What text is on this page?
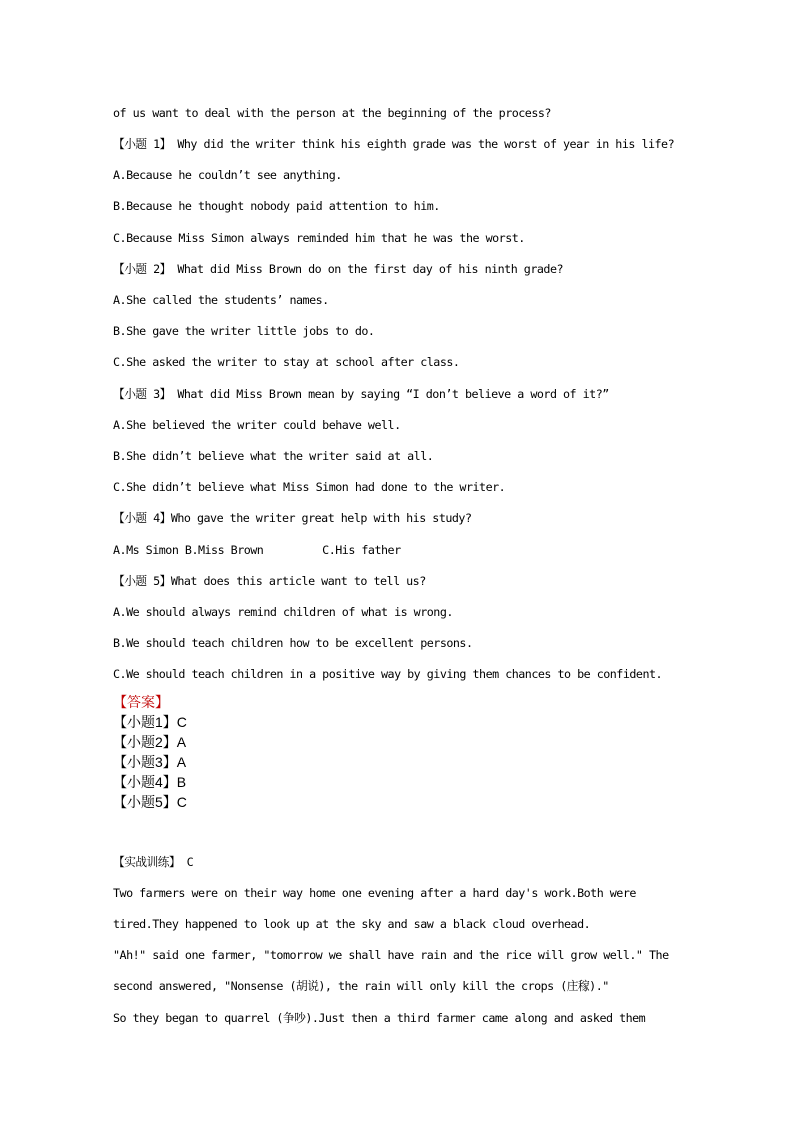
of us want to deal with the person at the beginning of the process?

【小题 1】 Why did the writer think his eighth grade was the worst of year in his life?

A.Because he couldn’t see anything.

B.Because he thought nobody paid attention to him.

C.Because Miss Simon always reminded him that he was the worst.

【小题 2】 What did Miss Brown do on the first day of his ninth grade?

A.She called the students’ names.

B.She gave the writer little jobs to do.

C.She asked the writer to stay at school after class.

【小题 3】 What did Miss Brown mean by saying “I don’t believe a word of it?”

A.She believed the writer could behave well.

B.She didn’t believe what the writer said at all.

C.She didn’t believe what Miss Simon had done to the writer.

【小题 4】Who gave the writer great help with his study?

A.Ms Simon B.Miss Brown         C.His father

【小题 5】What does this article want to tell us?

A.We should always remind children of what is wrong.

B.We should teach children how to be excellent persons.

C.We should teach children in a positive way by giving them chances to be confident.

【答案】

【小题1】C

【小题2】A

【小题3】A

【小题4】B

【小题5】C

【实战训练】 C

Two farmers were on their way home one evening after a hard day's work.Both were

tired.They happened to look up at the sky and saw a black cloud overhead.

"Ah!" said one farmer, "tomorrow we shall have rain and the rice will grow well." The

second answered, "Nonsense (胡说), the rain will only kill the crops (庄稼)."

So they began to quarrel (争吵).Just then a third farmer came along and asked them
